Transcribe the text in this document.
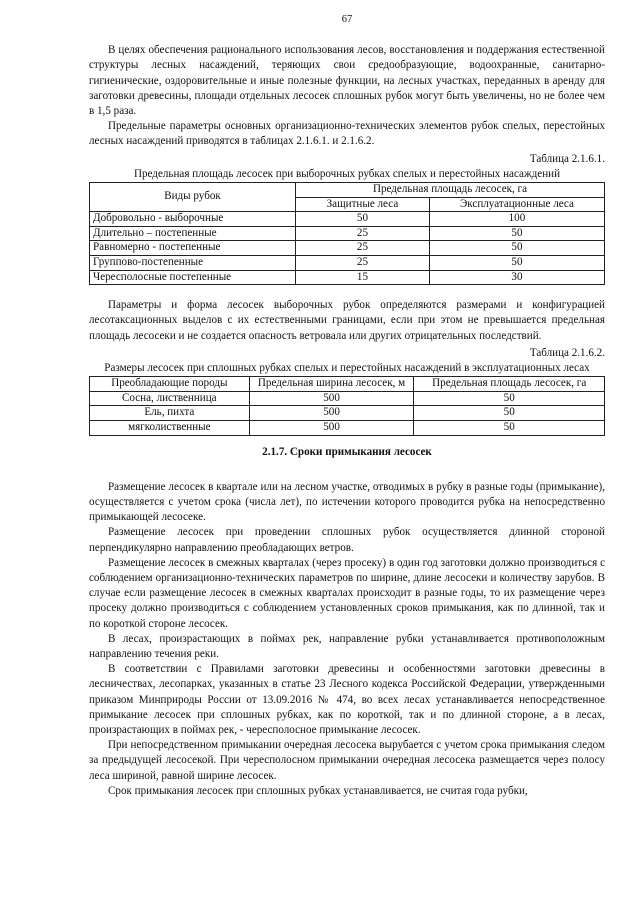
67

В целях обеспечения рационального использования лесов, восстановления и поддержания естественной структуры лесных насаждений, теряющих свои средообразующие, водоохранные, санитарно-гигиенические, оздоровительные и иные полезные функции, на лесных участках, переданных в аренду для заготовки древесины, площади отдельных лесосек сплошных рубок могут быть увеличены, но не более чем в 1,5 раза.

Предельные параметры основных организационно-технических элементов рубок спелых, перестойных лесных насаждений приводятся в таблицах 2.1.6.1. и 2.1.6.2.

Таблица 2.1.6.1.
Предельная площадь лесосек при выборочных рубках спелых и перестойных насаждений
Виды рубок	Предельная площадь лесосек, га	
	Защитные леса	Эксплуатационные леса
Добровольно - выборочные	50	100
Длительно – постепенные	25	50
Равномерно - постепенные	25	50
Группово-постепенные	25	50
Чересполосные постепенные	15	30

Параметры и форма лесосек выборочных рубок определяются размерами и конфигурацией лесотаксационных выделов с их естественными границами, если при этом не превышается предельная площадь лесосеки и не создается опасность ветровала или других отрицательных последствий.

Таблица 2.1.6.2.
Размеры лесосек при сплошных рубках спелых и перестойных насаждений в эксплуатационных лесах
Преобладающие породы	Предельная ширина лесосек, м	Предельная площадь лесосек, га
Сосна, лиственница	500	50
Ель, пихта	500	50
мягколиственные	500	50
2.1.7. Сроки примыкания лесосек

Размещение лесосек в квартале или на лесном участке, отводимых в рубку в разные годы (примыкание), осуществляется с учетом срока (числа лет), по истечении которого проводится рубка на непосредственно примыкающей лесосеке.

Размещение лесосек при проведении сплошных рубок осуществляется длинной стороной перпендикулярно направлению преобладающих ветров.

Размещение лесосек в смежных кварталах (через просеку) в один год заготовки должно производиться с соблюдением организационно-технических параметров по ширине, длине лесосеки и количеству зарубов. В случае если размещение лесосек в смежных кварталах происходит в разные годы, то их размещение через просеку должно производиться с соблюдением установленных сроков примыкания, как по длинной, так и по короткой стороне лесосек.

В лесах, произрастающих в поймах рек, направление рубки устанавливается противоположным направлению течения реки.

В соответствии с Правилами заготовки древесины и особенностями заготовки древесины в лесничествах, лесопарках, указанных в статье 23 Лесного кодекса Российской Федерации, утвержденными приказом Минприроды России от 13.09.2016 № 474, во всех лесах устанавливается непосредственное примыкание лесосек при сплошных рубках, как по короткой, так и по длинной стороне, а в лесах, произрастающих в поймах рек, - чересполосное примыкание лесосек.

При непосредственном примыкании очередная лесосека вырубается с учетом срока примыкания следом за предыдущей лесосекой. При чересполосном примыкании очередная лесосека размещается через полосу леса шириной, равной ширине лесосек.

Срок примыкания лесосек при сплошных рубках устанавливается, не считая года рубки,
